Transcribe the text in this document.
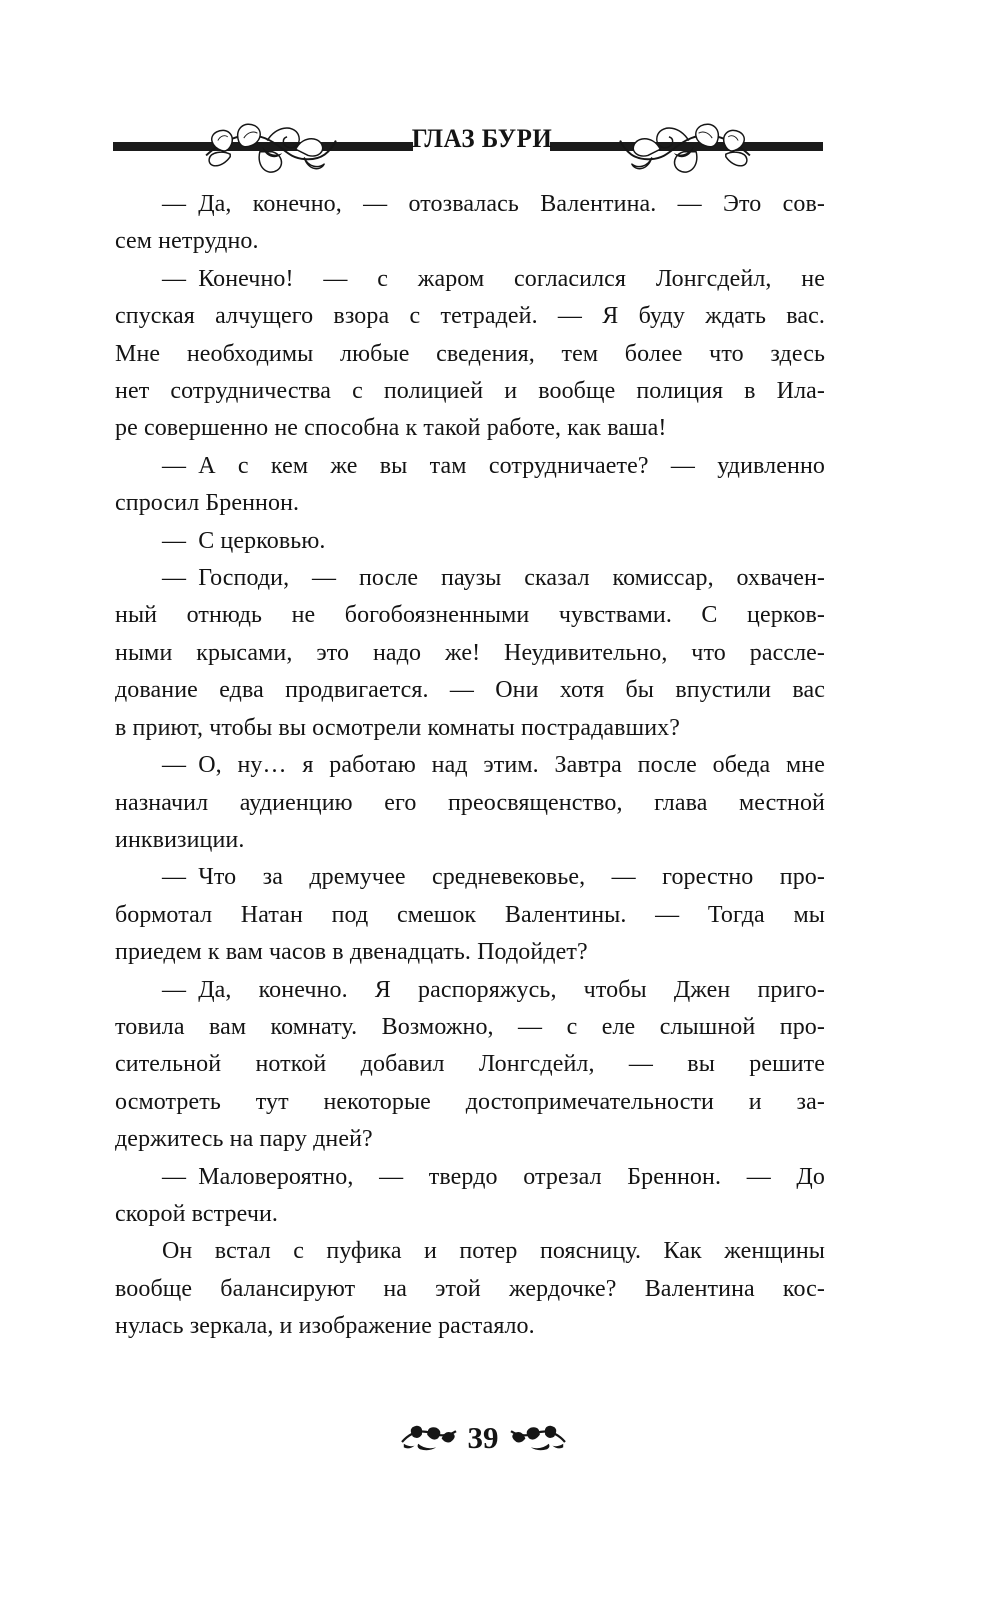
ГЛАЗ БУРИ
— Да, конечно, — отозвалась Валентина. — Это сов-
сем нетрудно.
— Конечно! — с жаром согласился Лонгсдейл, не
спуская алчущего взора с тетрадей. — Я буду ждать вас.
Мне необходимы любые сведения, тем более что здесь
нет сотрудничества с полицией и вообще полиция в Ила-
ре совершенно не способна к такой работе, как ваша!
— А с кем же вы там сотрудничаете? — удивленно
спросил Бреннон.
— С церковью.
— Господи, — после паузы сказал комиссар, охвачен-
ный отнюдь не богобоязненными чувствами. С церков-
ными крысами, это надо же! Неудивительно, что рассле-
дование едва продвигается. — Они хотя бы впустили вас
в приют, чтобы вы осмотрели комнаты пострадавших?
— О, ну… я работаю над этим. Завтра после обеда мне
назначил аудиенцию его преосвященство, глава местной
инквизиции.
— Что за дремучее средневековье, — горестно про-
бормотал Натан под смешок Валентины. — Тогда мы
приедем к вам часов в двенадцать. Подойдет?
— Да, конечно. Я распоряжусь, чтобы Джен приго-
товила вам комнату. Возможно, — с еле слышной про-
сительной ноткой добавил Лонгсдейл, — вы решите
осмотреть тут некоторые достопримечательности и за-
держитесь на пару дней?
— Маловероятно, — твердо отрезал Бреннон. — До
скорой встречи.
Он встал с пуфика и потер поясницу. Как женщины
вообще балансируют на этой жердочке? Валентина кос-
нулась зеркала, и изображение растаяло.
39
